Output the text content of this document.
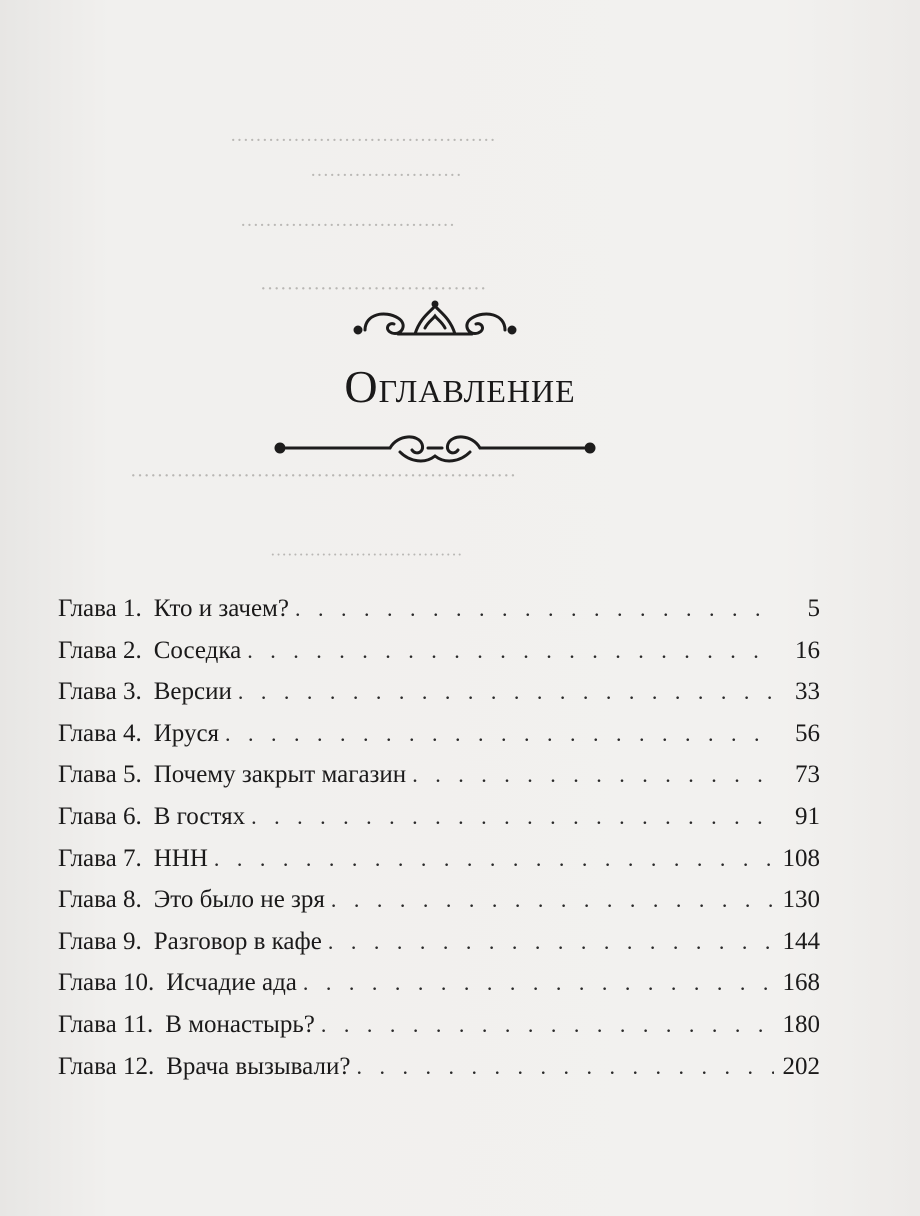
··········································
························
··································
··································
··························································
··································
Оглавление
Глава 1. Кто и зачем? . . .	5
Глава 2. Соседка . . .	16
Глава 3. Версии . . .	33
Глава 4. Ируся . . .	56
Глава 5. Почему закрыт магазин . . .	73
Глава 6. В гостях . . .	91
Глава 7. ННН . . .	108
Глава 8. Это было не зря . . .	130
Глава 9. Разговор в кафе . . .	144
Глава 10. Исчадие ада . . .	168
Глава 11. В монастырь? . . .	180
Глава 12. Врача вызывали? . . .	202
